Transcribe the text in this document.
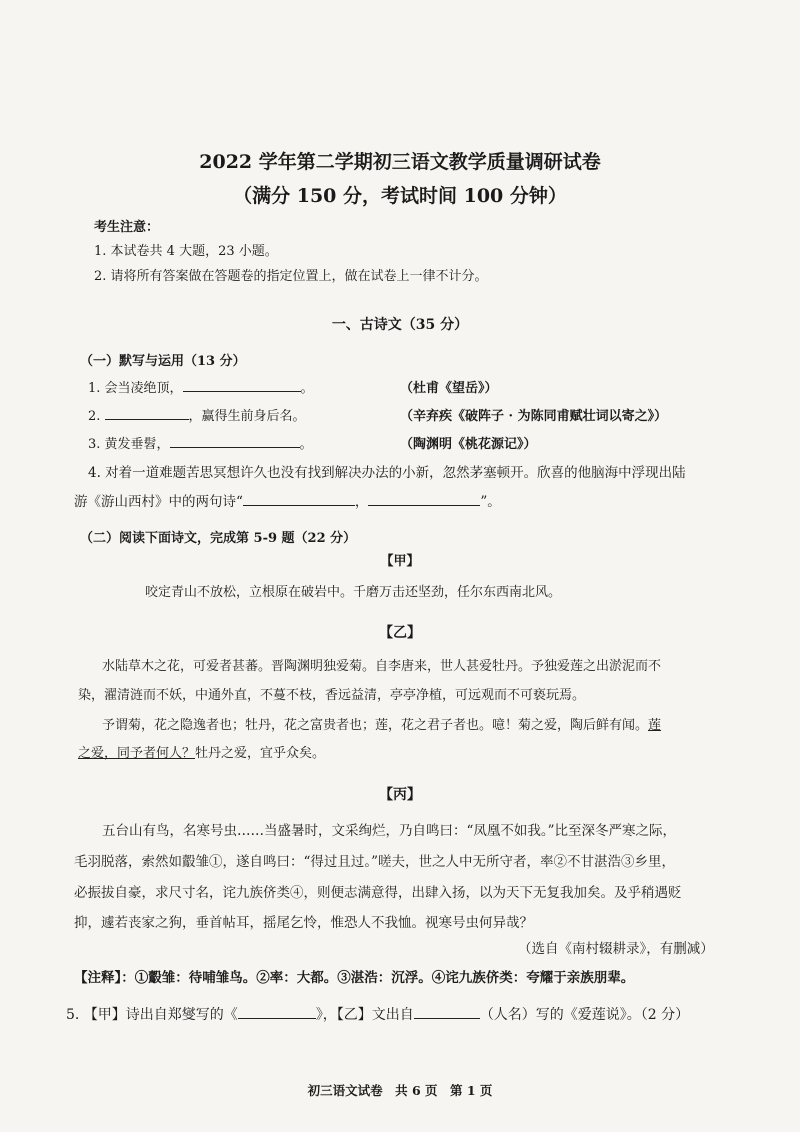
2022 学年第二学期初三语文教学质量调研试卷
（满分 150 分，考试时间 100 分钟）
考生注意：
1. 本试卷共 4 大题，23 小题。
2. 请将所有答案做在答题卷的指定位置上，做在试卷上一律不计分。
一、古诗文（35 分）
（一）默写与运用（13 分）
1. 会当凌绝顶，	。	（杜甫《望岳》）
2.	，赢得生前身后名。	（辛弃疾《破阵子 · 为陈同甫赋壮词以寄之》）
3. 黄发垂髫，	。	（陶渊明《桃花源记》）
4. 对着一道难题苦思冥想许久也没有找到解决办法的小新，忽然茅塞顿开。欣喜的他脑海中浮现出陆
游《游山西村》中的两句诗“	，	”。
（二）阅读下面诗文，完成第 5-9 题（22 分）
【甲】
咬定青山不放松，立根原在破岩中。千磨万击还坚劲，任尔东西南北风。
【乙】
水陆草木之花，可爱者甚蕃。晋陶渊明独爱菊。自李唐来，世人甚爱牡丹。予独爱莲之出淤泥而不
染，濯清涟而不妖，中通外直，不蔓不枝，香远益清，亭亭净植，可远观而不可亵玩焉。
予谓菊，花之隐逸者也；牡丹，花之富贵者也；莲，花之君子者也。噫！菊之爱，陶后鲜有闻。莲
之爱，同予者何人？牡丹之爱，宜乎众矣。
【丙】
五台山有鸟，名寒号虫……当盛暑时，文采绚烂，乃自鸣曰：“凤凰不如我。”比至深冬严寒之际，
毛羽脱落，索然如鷇雏①，遂自鸣曰：“得过且过。”嗟夫，世之人中无所守者，率②不甘湛浩③乡里，
必振拔自豪，求尺寸名，诧九族侪类④，则便志满意得，出肆入扬，以为天下无复我加矣。及乎稍遇贬
抑，遽若丧家之狗，垂首帖耳，摇尾乞怜，惟恐人不我恤。视寒号虫何异哉？
（选自《南村辍耕录》，有删减）
【注释】：①鷇雏：待哺雏鸟。②率：大都。③湛浩：沉浮。④诧九族侪类：夸耀于亲族朋辈。
5. 【甲】诗出自郑燮写的《	》，【乙】文出自	（人名）写的《爱莲说》。（2 分）
初三语文试卷　共 6 页　第 1 页
